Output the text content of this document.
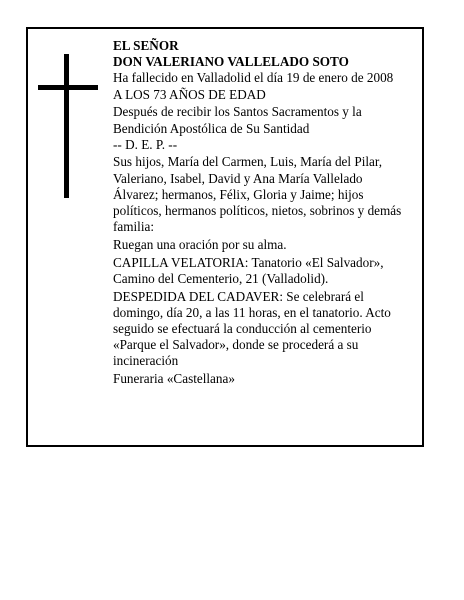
EL SEÑOR
DON VALERIANO VALLELADO SOTO
Ha fallecido en Valladolid el día 19 de enero de 2008
A LOS 73 AÑOS DE EDAD
Después de recibir los Santos Sacramentos y la
Bendición Apostólica de Su Santidad
-- D. E. P. --
Sus hijos, María del Carmen, Luis, María del Pilar,
Valeriano, Isabel, David y Ana María Vallelado
Álvarez; hermanos, Félix, Gloria y Jaime; hijos
políticos, hermanos políticos, nietos, sobrinos y demás
familia:
Ruegan una oración por su alma.
CAPILLA VELATORIA: Tanatorio «El Salvador»,
Camino del Cementerio, 21 (Valladolid).
DESPEDIDA DEL CADAVER: Se celebrará el
domingo, día 20, a las 11 horas, en el tanatorio. Acto
seguido se efectuará la conducción al cementerio
«Parque el Salvador», donde se procederá a su
incineración
Funeraria «Castellana»
